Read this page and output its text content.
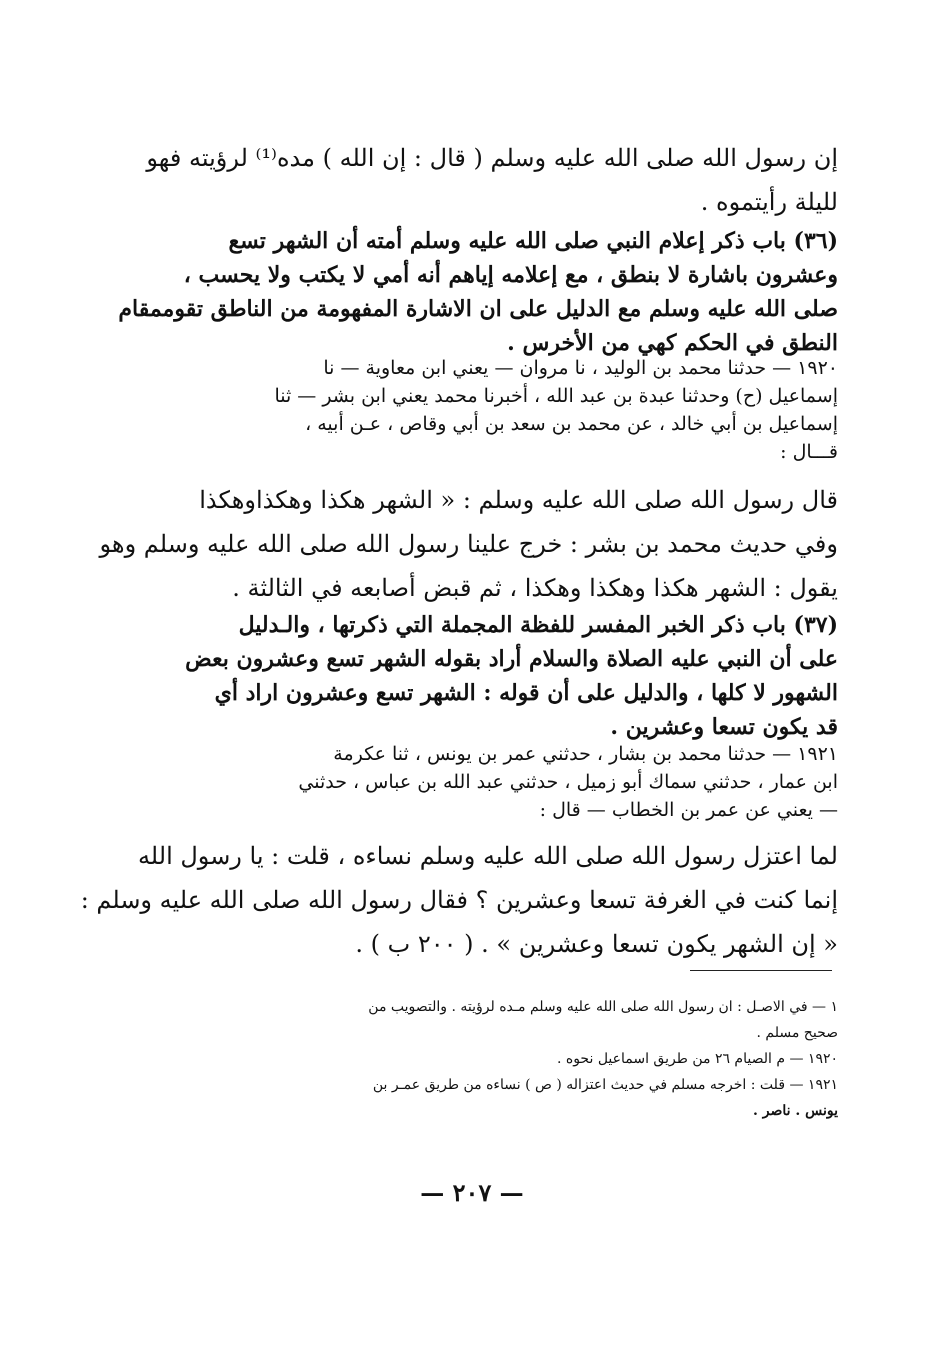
إن رسول الله صلى الله عليه وسلم ( قال : إن الله ) مده⁽¹⁾ لرؤيته فهو
لليلة رأيتموه .
(٣٦) باب ذكر إعلام النبي صلى الله عليه وسلم أمته أن الشهر تسع
وعشرون باشارة لا بنطق ، مع إعلامه إياهم أنه أمي لا يكتب ولا يحسب ،
صلى الله عليه وسلم مع الدليل على ان الاشارة المفهومة من الناطق تقوممقام
النطق في الحكم كهي من الأخرس .
١٩٢٠ — حدثنا محمد بن الوليد ، نا مروان — يعني ابن معاوية — نا
إسماعيل (ح) وحدثنا عبدة بن عبد الله ، أخبرنا محمد يعني ابن بشر — ثنا
إسماعيل بن أبي خالد ، عن محمد بن سعد بن أبي وقاص ، عـن أبيه ،
قـــال :
قال رسول الله صلى الله عليه وسلم : « الشهر هكذا وهكذاوهكذا
وفي حديث محمد بن بشر : خرج علينا رسول الله صلى الله عليه وسلم وهو
يقول : الشهر هكذا وهكذا وهكذا ، ثم قبض أصابعه في الثالثة .
(٣٧) باب ذكر الخبر المفسر للفظة المجملة التي ذكرتها ، والـدليل
على أن النبي عليه الصلاة والسلام أراد بقوله الشهر تسع وعشرون بعض
الشهور لا كلها ، والدليل على أن قوله : الشهر تسع وعشرون اراد أي
قد يكون تسعا وعشرين .
١٩٢١ — حدثنا محمد بن بشار ، حدثني عمر بن يونس ، ثنا عكرمة
ابن عمار ، حدثني سماك أبو زميل ، حدثني عبد الله بن عباس ، حدثني
— يعني عن عمر بن الخطاب — قال :
لما اعتزل رسول الله صلى الله عليه وسلم نساءه ، قلت : يا رسول الله
إنما كنت في الغرفة تسعا وعشرين ؟ فقال رسول الله صلى الله عليه وسلم :
« إن الشهر يكون تسعا وعشرين » . ( ٢٠٠ ب ) .
١ — في الاصـل : ان رسول الله صلى الله عليه وسلم مـده لرؤيته . والتصويب من
صحيح مسلم .
١٩٢٠ — م الصيام ٢٦ من طريق اسماعيل نحوه .
١٩٢١ — قلت : اخرجه مسلم في حديث اعتزاله ( ص ) نساءه من طريق عمـر بن
يونس . ناصر .
— ٢٠٧ —
